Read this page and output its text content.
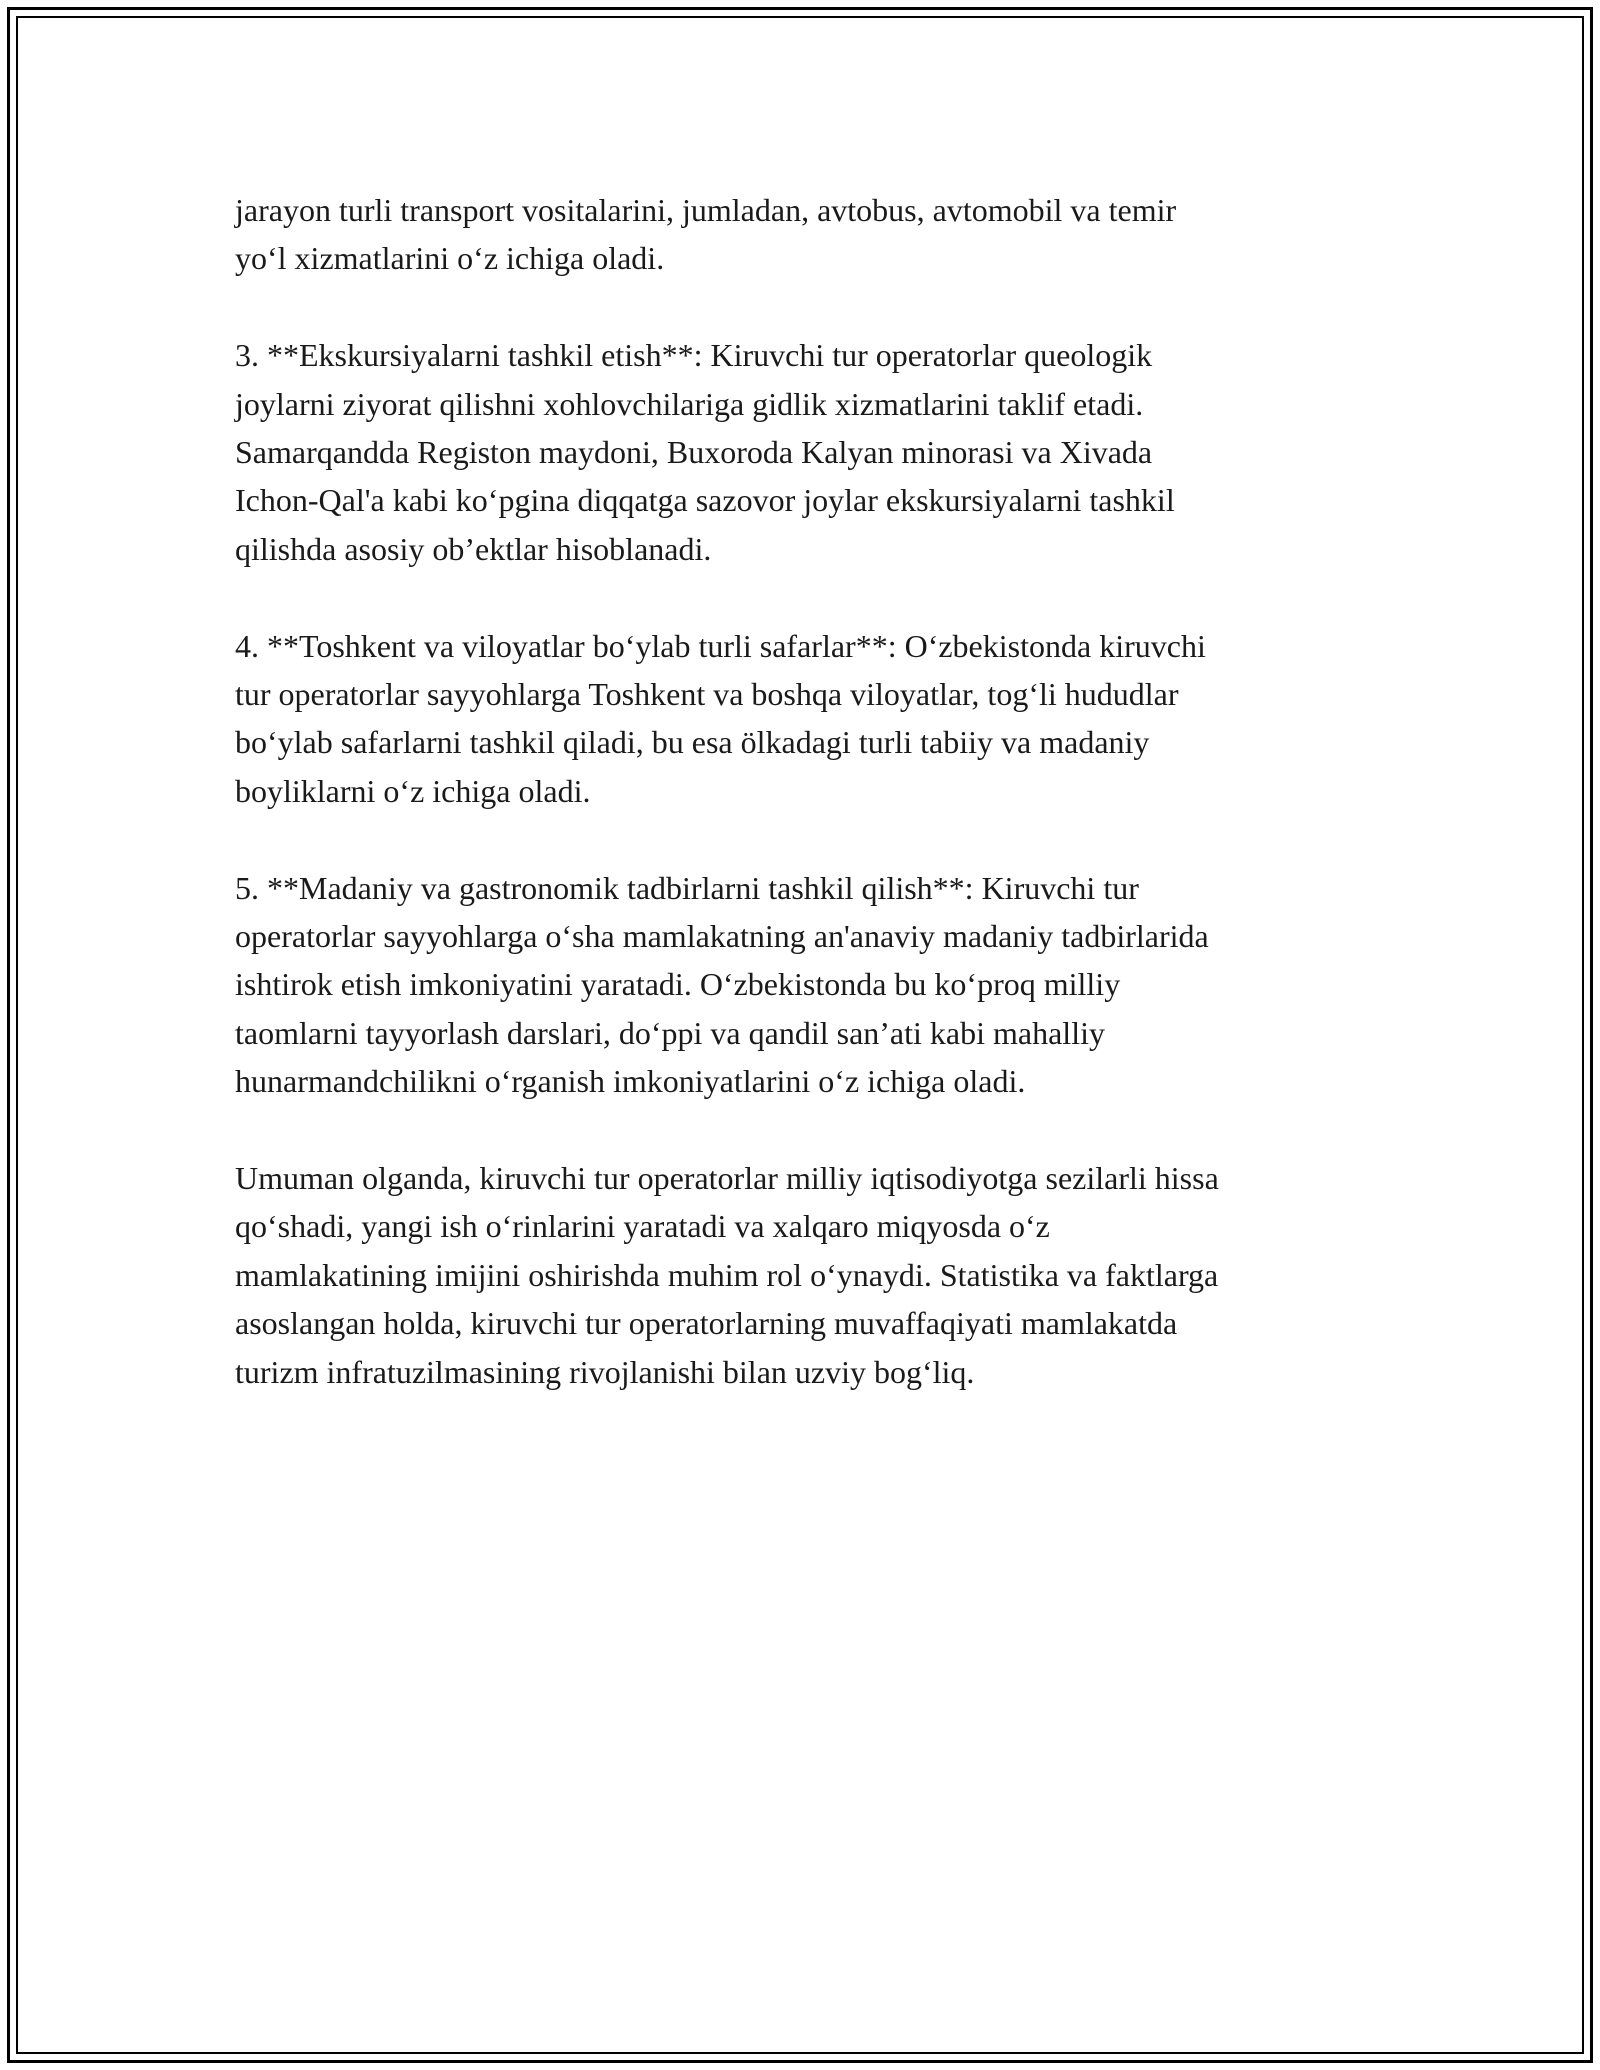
jarayon turli transport vositalarini, jumladan, avtobus, avtomobil va temir
yo‘l xizmatlarini o‘z ichiga oladi.

3. **Ekskursiyalarni tashkil etish**: Kiruvchi tur operatorlar queologik
joylarni ziyorat qilishni xohlovchilariga gidlik xizmatlarini taklif etadi.
Samarqandda Registon maydoni, Buxoroda Kalyan minorasi va Xivada
Ichon-Qal'a kabi ko‘pgina diqqatga sazovor joylar ekskursiyalarni tashkil
qilishda asosiy ob’ektlar hisoblanadi.

4. **Toshkent va viloyatlar bo‘ylab turli safarlar**: O‘zbekistonda kiruvchi
tur operatorlar sayyohlarga Toshkent va boshqa viloyatlar, tog‘li hududlar
bo‘ylab safarlarni tashkil qiladi, bu esa ölkadagi turli tabiiy va madaniy
boyliklarni o‘z ichiga oladi.

5. **Madaniy va gastronomik tadbirlarni tashkil qilish**: Kiruvchi tur
operatorlar sayyohlarga o‘sha mamlakatning an'anaviy madaniy tadbirlarida
ishtirok etish imkoniyatini yaratadi. O‘zbekistonda bu ko‘proq milliy
taomlarni tayyorlash darslari, do‘ppi va qandil san’ati kabi mahalliy
hunarmandchilikni o‘rganish imkoniyatlarini o‘z ichiga oladi.

Umuman olganda, kiruvchi tur operatorlar milliy iqtisodiyotga sezilarli hissa
qo‘shadi, yangi ish o‘rinlarini yaratadi va xalqaro miqyosda o‘z
mamlakatining imijini oshirishda muhim rol o‘ynaydi. Statistika va faktlarga
asoslangan holda, kiruvchi tur operatorlarning muvaffaqiyati mamlakatda
turizm infratuzilmasining rivojlanishi bilan uzviy bog‘liq.
